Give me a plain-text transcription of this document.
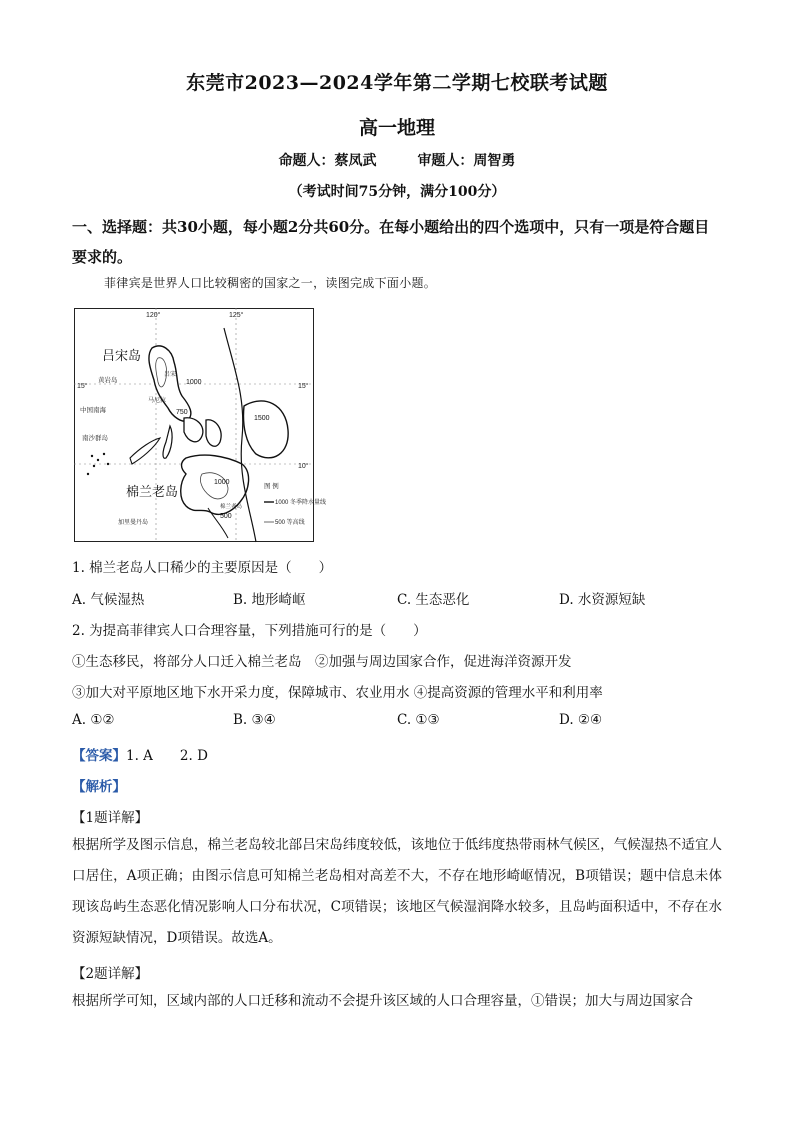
东莞市2023—2024学年第二学期七校联考试题
高一地理
命题人：蔡凤武	审题人：周智勇
（考试时间75分钟，满分100分）
一、选择题：共30小题，每小题2分共60分。在每小题给出的四个选项中，只有一项是符合题目要求的。
菲律宾是世界人口比较稠密的国家之一，读图完成下面小题。
120°	125°
15°	15°
10°
吕宋岛
棉兰老岛
黄岩岛
中国南海
南沙群岛
马尼拉
吕宋
棉兰老岛
加里曼丹岛
1000
1500
750
1000
500
图 例
1000 冬季降水量线
500 等高线
1. 棉兰老岛人口稀少的主要原因是（　　）
A. 气候湿热	B. 地形崎岖	C. 生态恶化	D. 水资源短缺
2. 为提高菲律宾人口合理容量，下列措施可行的是（　　）
①生态移民，将部分人口迁入棉兰老岛　②加强与周边国家合作，促进海洋资源开发
③加大对平原地区地下水开采力度，保障城市、农业用水 ④提高资源的管理水平和利用率
A. ①②	B. ③④	C. ①③	D. ②④
【答案】1. A　　2. D
【解析】
【1题详解】
根据所学及图示信息，棉兰老岛较北部吕宋岛纬度较低，该地位于低纬度热带雨林气候区，气候湿热不适宜人口居住，A项正确；由图示信息可知棉兰老岛相对高差不大，不存在地形崎岖情况，B项错误；题中信息未体现该岛屿生态恶化情况影响人口分布状况，C项错误；该地区气候湿润降水较多，且岛屿面积适中，不存在水资源短缺情况，D项错误。故选A。
【2题详解】
根据所学可知，区域内部的人口迁移和流动不会提升该区域的人口合理容量，①错误；加大与周边国家合
